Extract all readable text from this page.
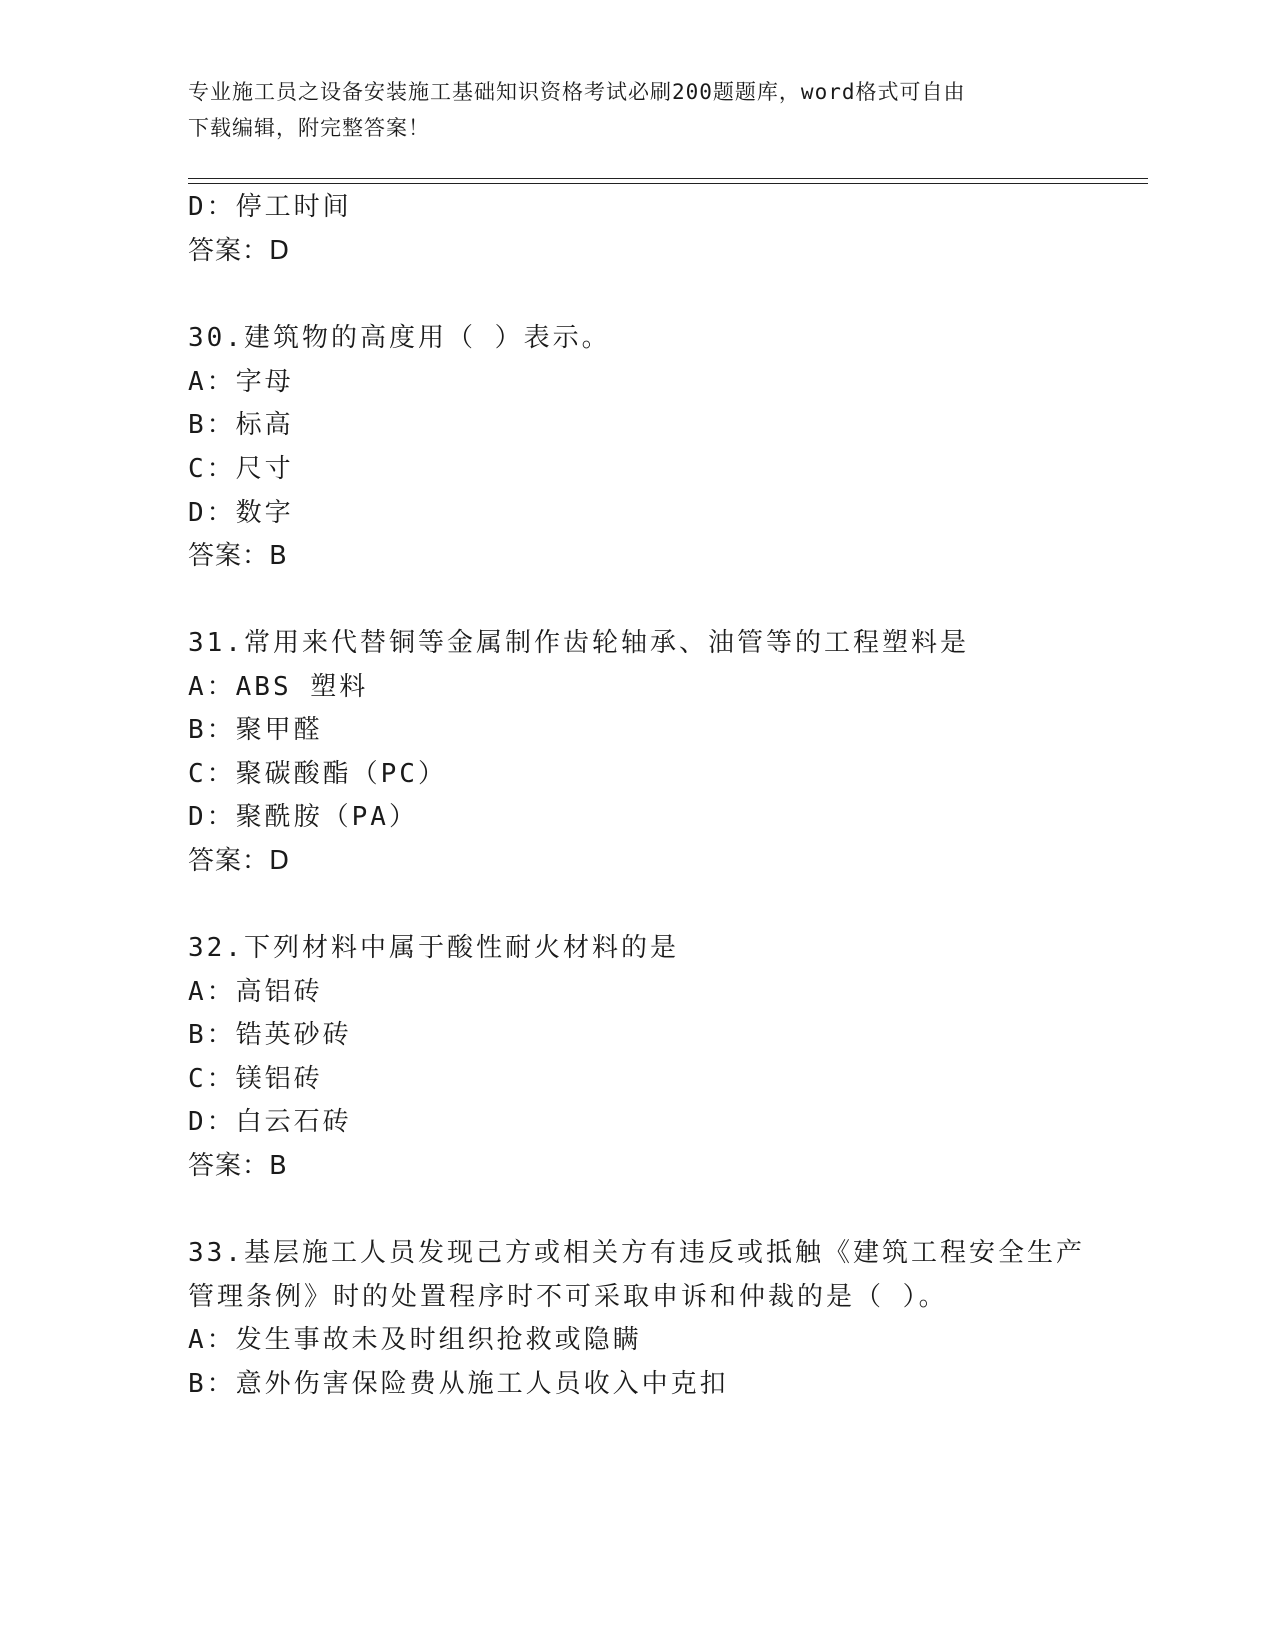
专业施工员之设备安装施工基础知识资格考试必刷200题题库，word格式可自由
下载编辑，附完整答案！
D：停工时间
答案：D
30.建筑物的高度用（ ）表示。
A：字母
B：标高
C：尺寸
D：数字
答案：B
31.常用来代替铜等金属制作齿轮轴承、油管等的工程塑料是
A：ABS 塑料
B：聚甲醛
C：聚碳酸酯（PC）
D：聚酰胺（PA）
答案：D
32.下列材料中属于酸性耐火材料的是
A：高铝砖
B：锆英砂砖
C：镁铝砖
D：白云石砖
答案：B
33.基层施工人员发现己方或相关方有违反或抵触《建筑工程安全生产
管理条例》时的处置程序时不可采取申诉和仲裁的是（ ）。
A：发生事故未及时组织抢救或隐瞒
B：意外伤害保险费从施工人员收入中克扣
